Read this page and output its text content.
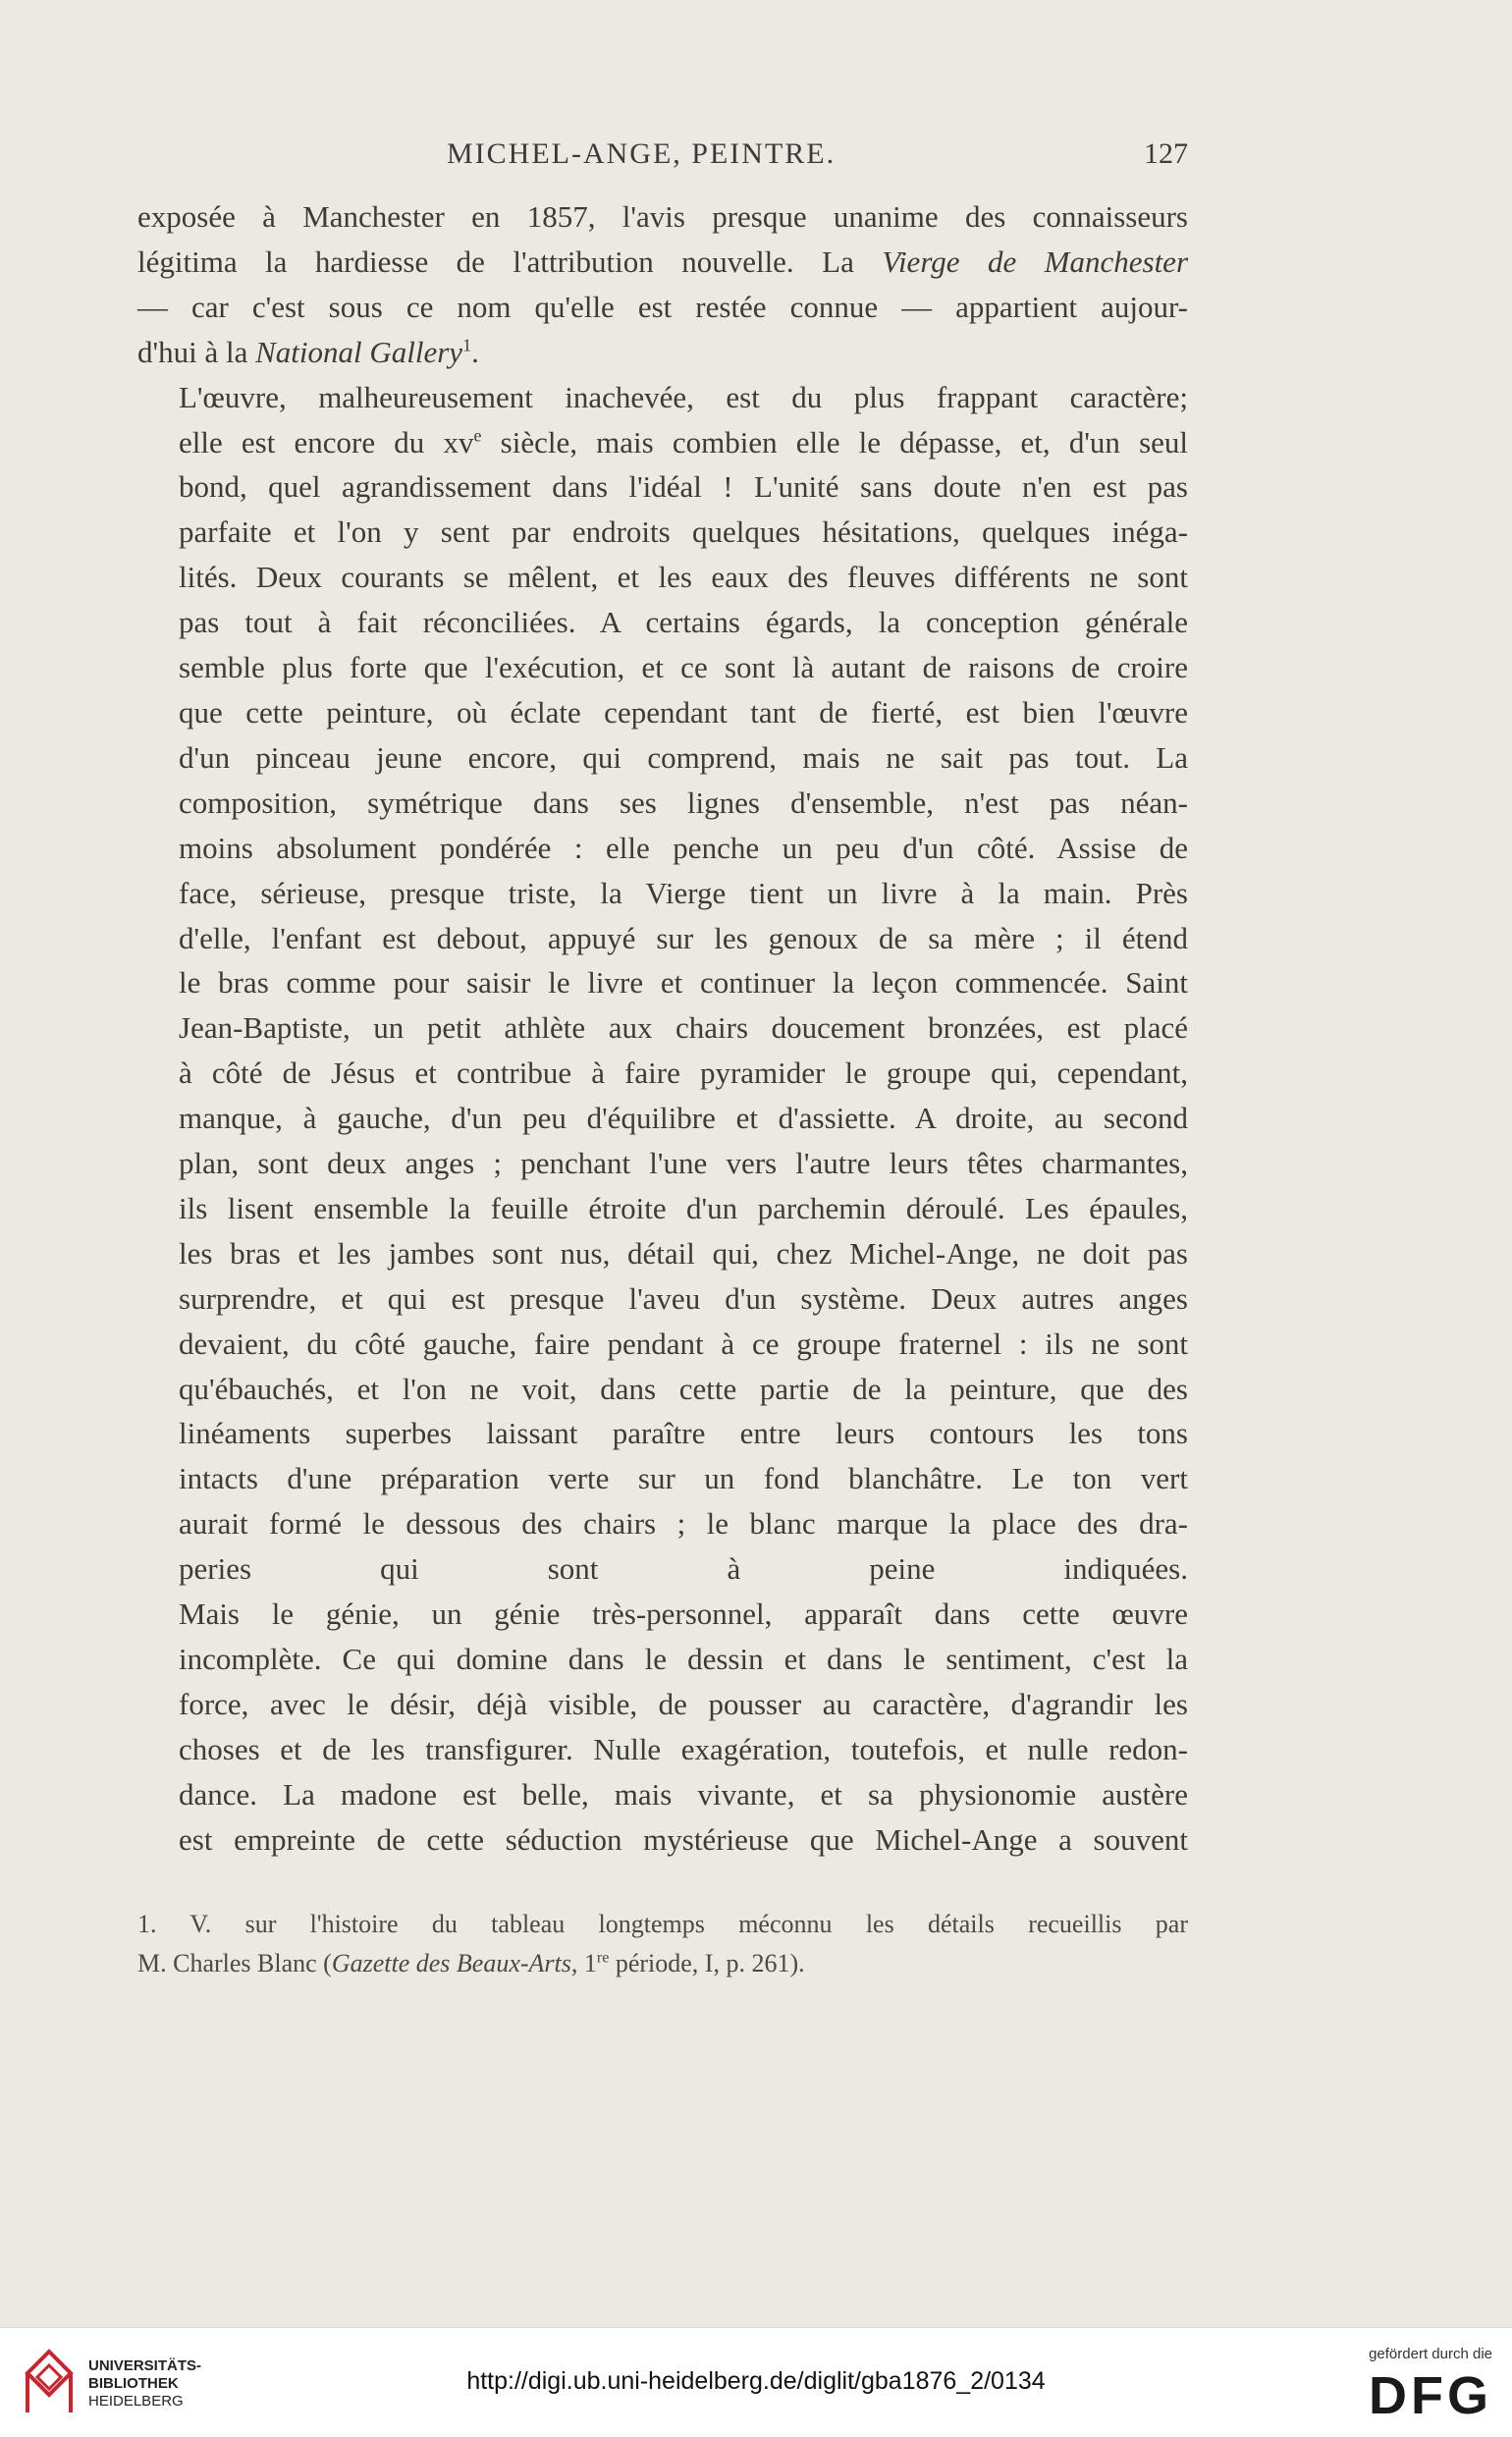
MICHEL-ANGE, PEINTRE.	127

exposée à Manchester en 1857, l'avis presque unanime des connaisseurs
légitima la hardiesse de l'attribution nouvelle. La Vierge de Manchester
— car c'est sous ce nom qu'elle est restée connue — appartient aujour-
d'hui à la National Gallery$^1$.

L'œuvre, malheureusement inachevée, est du plus frappant caractère;
elle est encore du $xv^e$ siècle, mais combien elle le dépasse, et, d'un seul
bond, quel agrandissement dans l'idéal ! L'unité sans doute n'en est pas
parfaite et l'on y sent par endroits quelques hésitations, quelques inéga-
lités. Deux courants se mêlent, et les eaux des fleuves différents ne sont
pas tout à fait réconciliées. A certains égards, la conception générale
semble plus forte que l'exécution, et ce sont là autant de raisons de croire
que cette peinture, où éclate cependant tant de fierté, est bien l'œuvre
d'un pinceau jeune encore, qui comprend, mais ne sait pas tout. La
composition, symétrique dans ses lignes d'ensemble, n'est pas néan-
moins absolument pondérée : elle penche un peu d'un côté. Assise de
face, sérieuse, presque triste, la Vierge tient un livre à la main. Près
d'elle, l'enfant est debout, appuyé sur les genoux de sa mère ; il étend
le bras comme pour saisir le livre et continuer la leçon commencée. Saint
Jean-Baptiste, un petit athlète aux chairs doucement bronzées, est placé
à côté de Jésus et contribue à faire pyramider le groupe qui, cependant,
manque, à gauche, d'un peu d'équilibre et d'assiette. A droite, au second
plan, sont deux anges ; penchant l'une vers l'autre leurs têtes charmantes,
ils lisent ensemble la feuille étroite d'un parchemin déroulé. Les épaules,
les bras et les jambes sont nus, détail qui, chez Michel-Ange, ne doit pas
surprendre, et qui est presque l'aveu d'un système. Deux autres anges
devaient, du côté gauche, faire pendant à ce groupe fraternel : ils ne sont
qu'ébauchés, et l'on ne voit, dans cette partie de la peinture, que des
linéaments superbes laissant paraître entre leurs contours les tons
intacts d'une préparation verte sur un fond blanchâtre. Le ton vert
aurait formé le dessous des chairs ; le blanc marque la place des dra-
peries qui sont à peine indiquées.

Mais le génie, un génie très-personnel, apparaît dans cette œuvre
incomplète. Ce qui domine dans le dessin et dans le sentiment, c'est la
force, avec le désir, déjà visible, de pousser au caractère, d'agrandir les
choses et de les transfigurer. Nulle exagération, toutefois, et nulle redon-
dance. La madone est belle, mais vivante, et sa physionomie austère
est empreinte de cette séduction mystérieuse que Michel-Ange a souvent

1. V. sur l'histoire du tableau longtemps méconnu les détails recueillis par
M. Charles Blanc (Gazette des Beaux-Arts, 1re période, I, p. 261).
UNIVERSITÄTS-
BIBLIOTHEK
HEIDELBERG
http://digi.ub.uni-heidelberg.de/diglit/gba1876_2/0134
gefördert durch die
DFG
